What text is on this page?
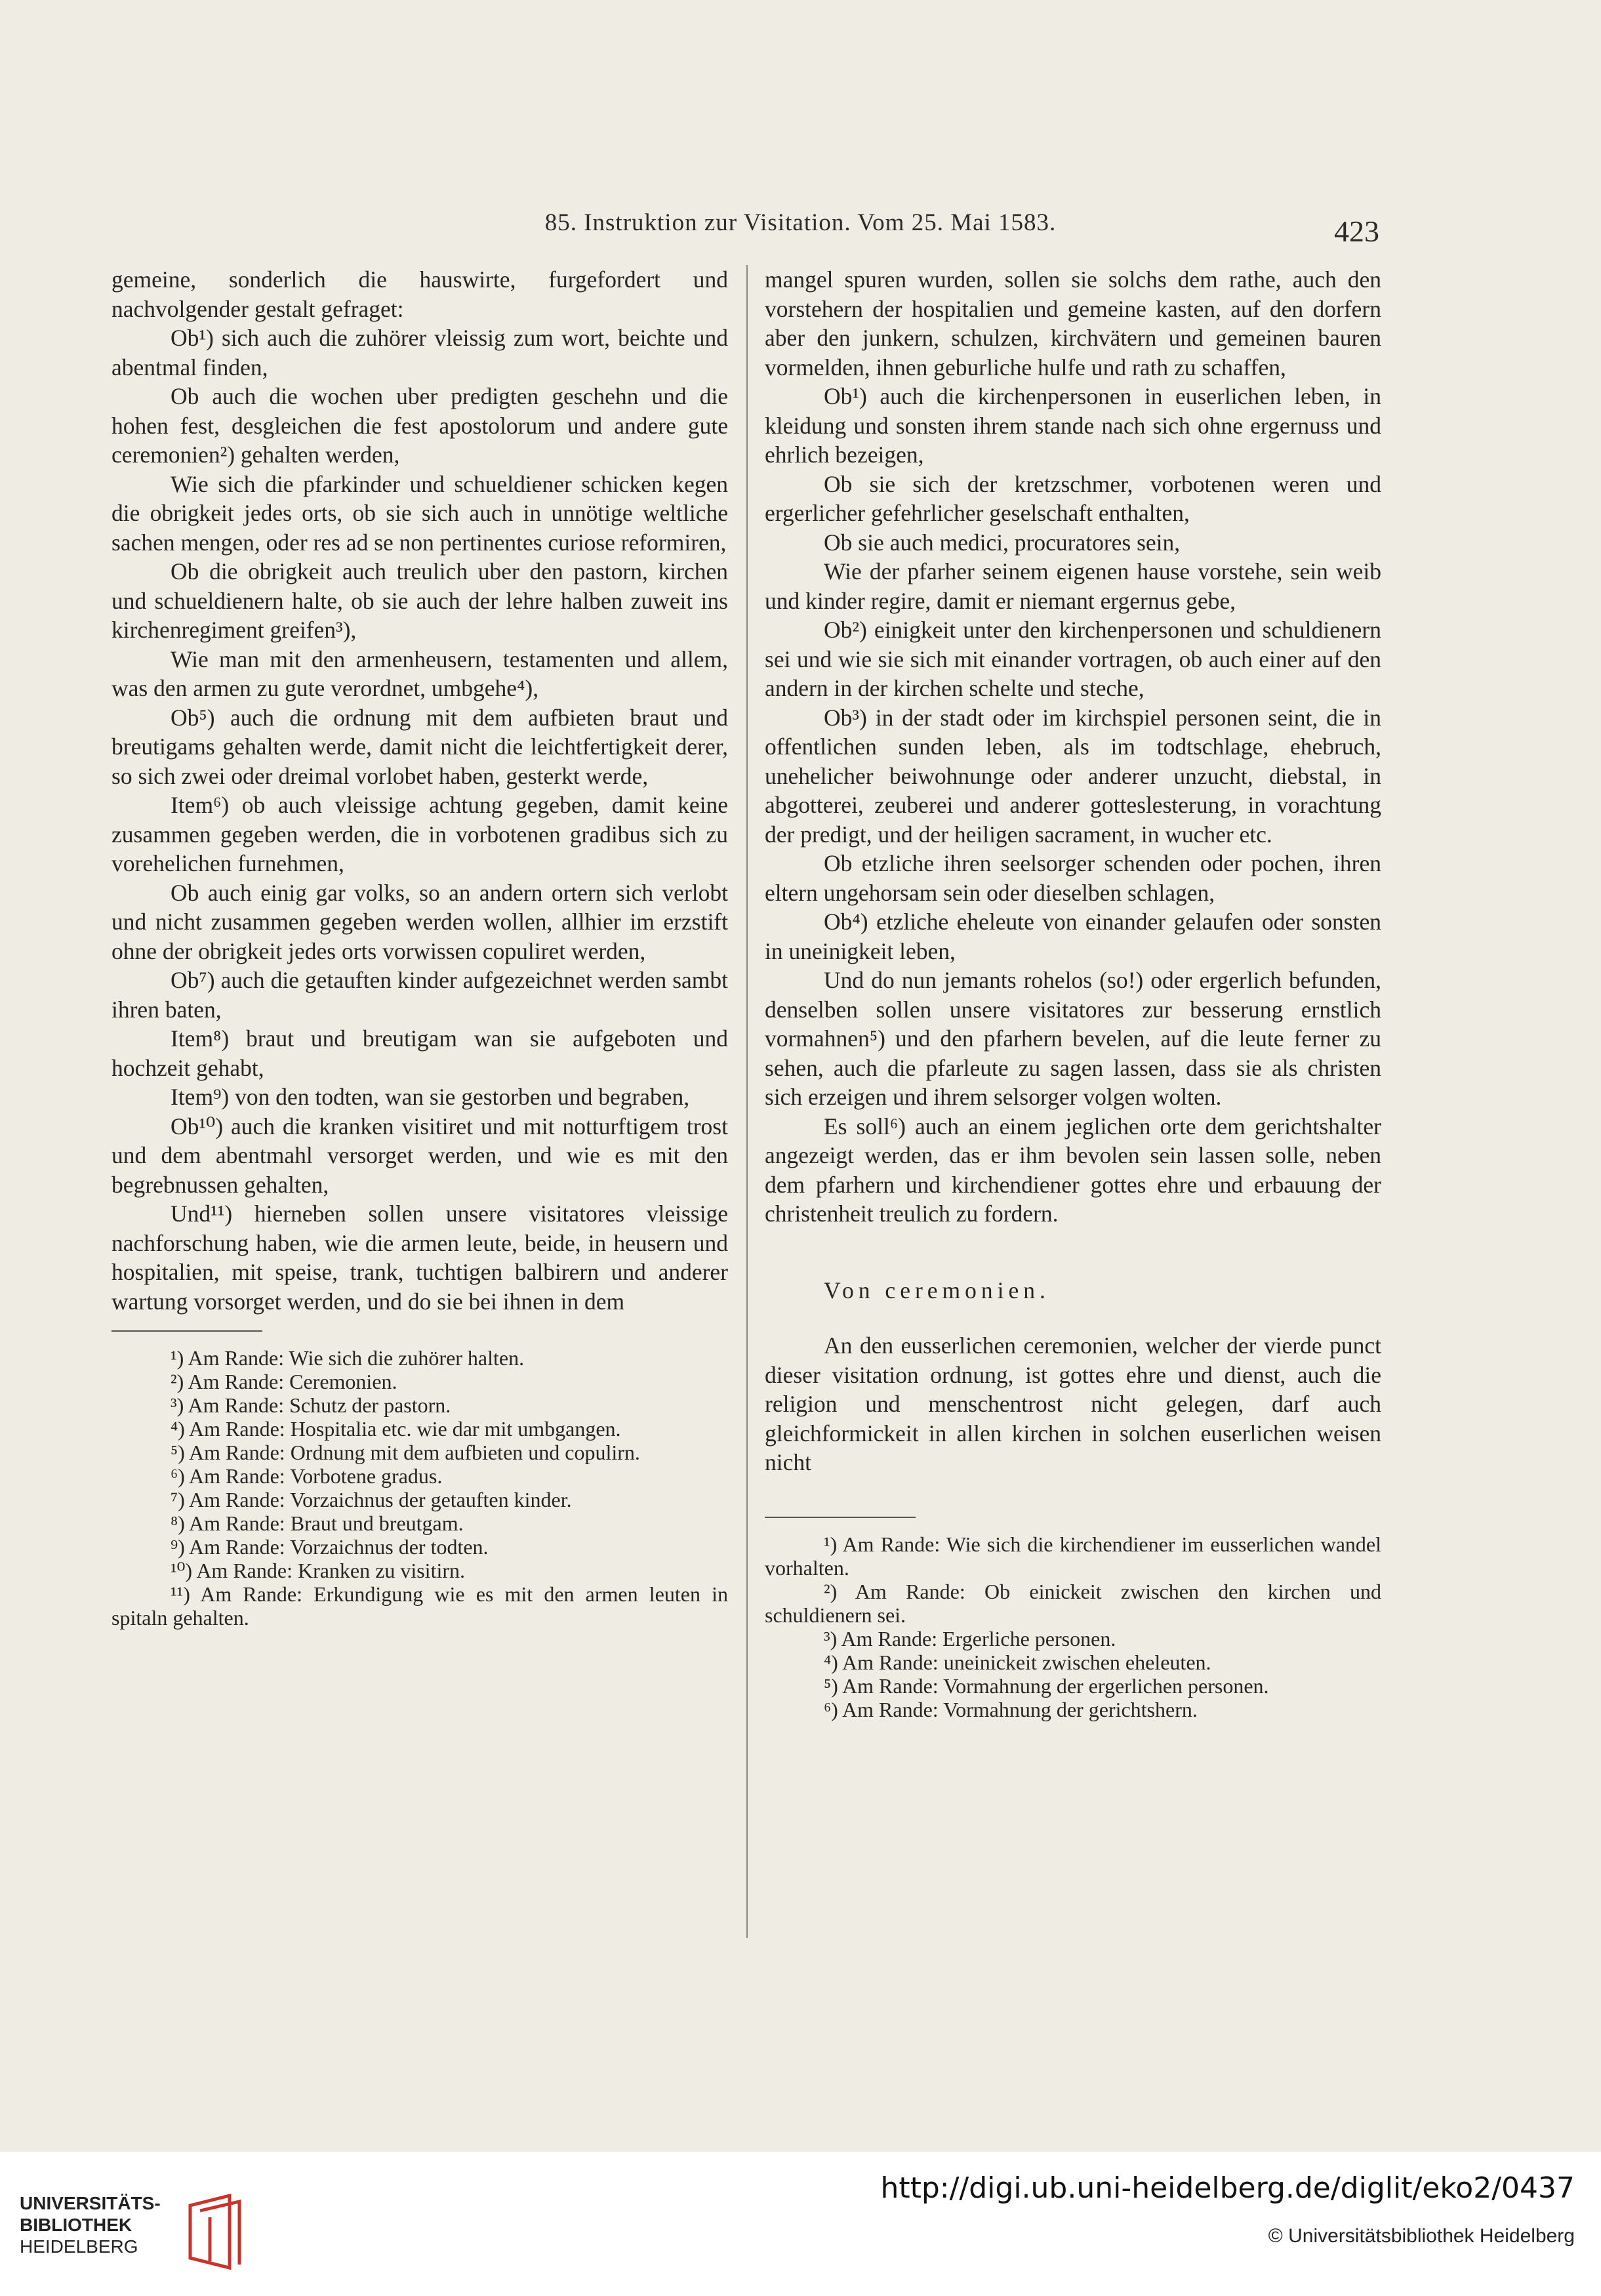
85. Instruktion zur Visitation. Vom 25. Mai 1583.	423

gemeine, sonderlich die hauswirte, furgefordert und nachvolgender gestalt gefraget:

Ob¹) sich auch die zuhörer vleissig zum wort, beichte und abentmal finden,

Ob auch die wochen uber predigten geschehn und die hohen fest, desgleichen die fest apostolorum und andere gute ceremonien²) gehalten werden,

Wie sich die pfarkinder und schueldiener schicken kegen die obrigkeit jedes orts, ob sie sich auch in unnötige weltliche sachen mengen, oder res ad se non pertinentes curiose reformiren,

Ob die obrigkeit auch treulich uber den pastorn, kirchen und schueldienern halte, ob sie auch der lehre halben zuweit ins kirchenregiment greifen³),

Wie man mit den armenheusern, testamenten und allem, was den armen zu gute verordnet, umbgehe⁴),

Ob⁵) auch die ordnung mit dem aufbieten braut und breutigams gehalten werde, damit nicht die leichtfertigkeit derer, so sich zwei oder dreimal vorlobet haben, gesterkt werde,

Item⁶) ob auch vleissige achtung gegeben, damit keine zusammen gegeben werden, die in vorbotenen gradibus sich zu vorehelichen furnehmen,

Ob auch einig gar volks, so an andern ortern sich verlobt und nicht zusammen gegeben werden wollen, allhier im erzstift ohne der obrigkeit jedes orts vorwissen copuliret werden,

Ob⁷) auch die getauften kinder aufgezeichnet werden sambt ihren baten,

Item⁸) braut und breutigam wan sie aufgeboten und hochzeit gehabt,

Item⁹) von den todten, wan sie gestorben und begraben,

Ob¹⁰) auch die kranken visitiret und mit notturftigem trost und dem abentmahl versorget werden, und wie es mit den begrebnussen gehalten,

Und¹¹) hierneben sollen unsere visitatores vleissige nachforschung haben, wie die armen leute, beide, in heusern und hospitalien, mit speise, trank, tuchtigen balbirern und anderer wartung vorsorget werden, und do sie bei ihnen in dem

¹) Am Rande: Wie sich die zuhörer halten.

²) Am Rande: Ceremonien.

³) Am Rande: Schutz der pastorn.

⁴) Am Rande: Hospitalia etc. wie dar mit umbgangen.

⁵) Am Rande: Ordnung mit dem aufbieten und copulirn.

⁶) Am Rande: Vorbotene gradus.

⁷) Am Rande: Vorzaichnus der getauften kinder.

⁸) Am Rande: Braut und breutgam.

⁹) Am Rande: Vorzaichnus der todten.

¹⁰) Am Rande: Kranken zu visitirn.

¹¹) Am Rande: Erkundigung wie es mit den armen leuten in spitaln gehalten.

mangel spuren wurden, sollen sie solchs dem rathe, auch den vorstehern der hospitalien und gemeine kasten, auf den dorfern aber den junkern, schulzen, kirchvätern und gemeinen bauren vormelden, ihnen geburliche hulfe und rath zu schaffen,

Ob¹) auch die kirchenpersonen in euserlichen leben, in kleidung und sonsten ihrem stande nach sich ohne ergernuss und ehrlich bezeigen,

Ob sie sich der kretzschmer, vorbotenen weren und ergerlicher gefehrlicher geselschaft enthalten,

Ob sie auch medici, procuratores sein,

Wie der pfarher seinem eigenen hause vorstehe, sein weib und kinder regire, damit er niemant ergernus gebe,

Ob²) einigkeit unter den kirchenpersonen und schuldienern sei und wie sie sich mit einander vortragen, ob auch einer auf den andern in der kirchen schelte und steche,

Ob³) in der stadt oder im kirchspiel personen seint, die in offentlichen sunden leben, als im todtschlage, ehebruch, unehelicher beiwohnunge oder anderer unzucht, diebstal, in abgotterei, zeuberei und anderer gotteslesterung, in vorachtung der predigt, und der heiligen sacrament, in wucher etc.

Ob etzliche ihren seelsorger schenden oder pochen, ihren eltern ungehorsam sein oder dieselben schlagen,

Ob⁴) etzliche eheleute von einander gelaufen oder sonsten in uneinigkeit leben,

Und do nun jemants rohelos (so!) oder ergerlich befunden, denselben sollen unsere visitatores zur besserung ernstlich vormahnen⁵) und den pfarhern bevelen, auf die leute ferner zu sehen, auch die pfarleute zu sagen lassen, dass sie als christen sich erzeigen und ihrem selsorger volgen wolten.

Es soll⁶) auch an einem jeglichen orte dem gerichtshalter angezeigt werden, das er ihm bevolen sein lassen solle, neben dem pfarhern und kirchendiener gottes ehre und erbauung der christenheit treulich zu fordern.

Von ceremonien.

An den eusserlichen ceremonien, welcher der vierde punct dieser visitation ordnung, ist gottes ehre und dienst, auch die religion und menschentrost nicht gelegen, darf auch gleichformickeit in allen kirchen in solchen euserlichen weisen nicht

¹) Am Rande: Wie sich die kirchendiener im eusserlichen wandel vorhalten.

²) Am Rande: Ob einickeit zwischen den kirchen und schuldienern sei.

³) Am Rande: Ergerliche personen.

⁴) Am Rande: uneinickeit zwischen eheleuten.

⁵) Am Rande: Vormahnung der ergerlichen personen.

⁶) Am Rande: Vormahnung der gerichtshern.

UNIVERSITÄTS-
BIBLIOTHEK
HEIDELBERG
http://digi.ub.uni-heidelberg.de/diglit/eko2/0437
© Universitätsbibliothek Heidelberg
